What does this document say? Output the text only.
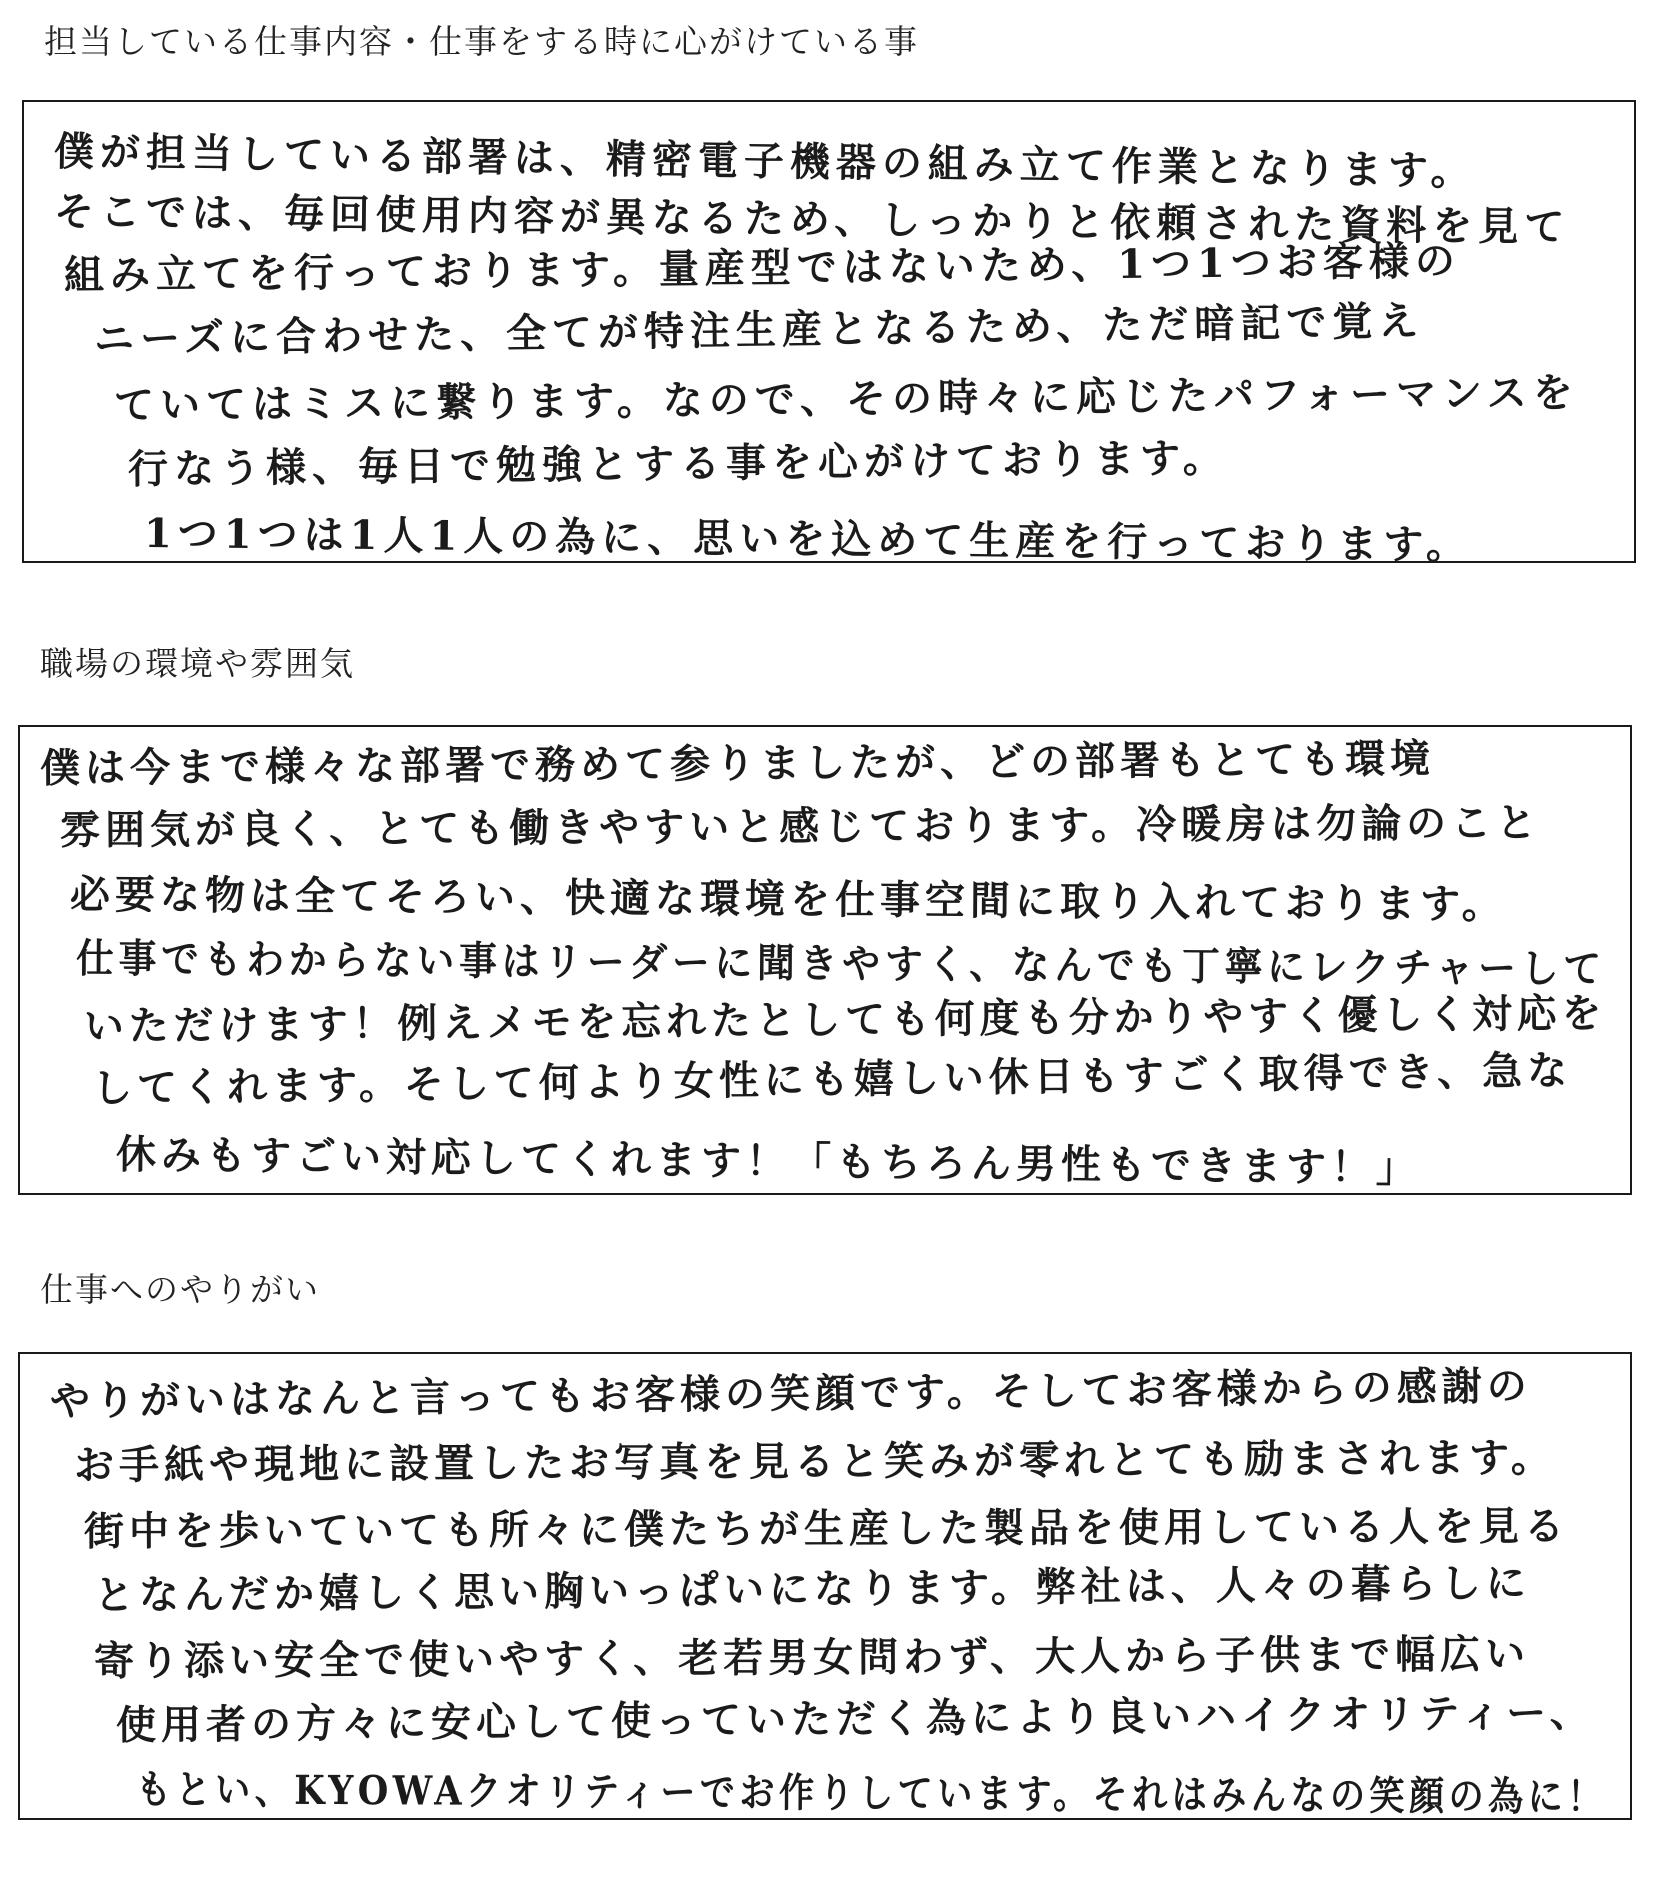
担当している仕事内容・仕事をする時に心がけている事
僕が担当している部署は、精密電子機器の組み立て作業となります。
そこでは、毎回使用内容が異なるため、しっかりと依頼された資料を見て
組み立てを行っております。量産型ではないため、1つ1つお客様の
ニーズに合わせた、全てが特注生産となるため、ただ暗記で覚え
ていてはミスに繋ります。なので、その時々に応じたパフォーマンスを
行なう様、毎日で勉強とする事を心がけております。
1つ1つは1人1人の為に、思いを込めて生産を行っております。
職場の環境や雰囲気
僕は今まで様々な部署で務めて参りましたが、どの部署もとても環境
雰囲気が良く、とても働きやすいと感じております。冷暖房は勿論のこと
必要な物は全てそろい、快適な環境を仕事空間に取り入れております。
仕事でもわからない事はリーダーに聞きやすく、なんでも丁寧にレクチャーして
いただけます！例えメモを忘れたとしても何度も分かりやすく優しく対応を
してくれます。そして何より女性にも嬉しい休日もすごく取得でき、急な
休みもすごい対応してくれます！「もちろん男性もできます！」
仕事へのやりがい
やりがいはなんと言ってもお客様の笑顔です。そしてお客様からの感謝の
お手紙や現地に設置したお写真を見ると笑みが零れとても励まされます。
街中を歩いていても所々に僕たちが生産した製品を使用している人を見る
となんだか嬉しく思い胸いっぱいになります。弊社は、人々の暮らしに
寄り添い安全で使いやすく、老若男女問わず、大人から子供まで幅広い
使用者の方々に安心して使っていただく為により良いハイクオリティー、
もとい、KYOWAクオリティーでお作りしています。それはみんなの笑顔の為に！
